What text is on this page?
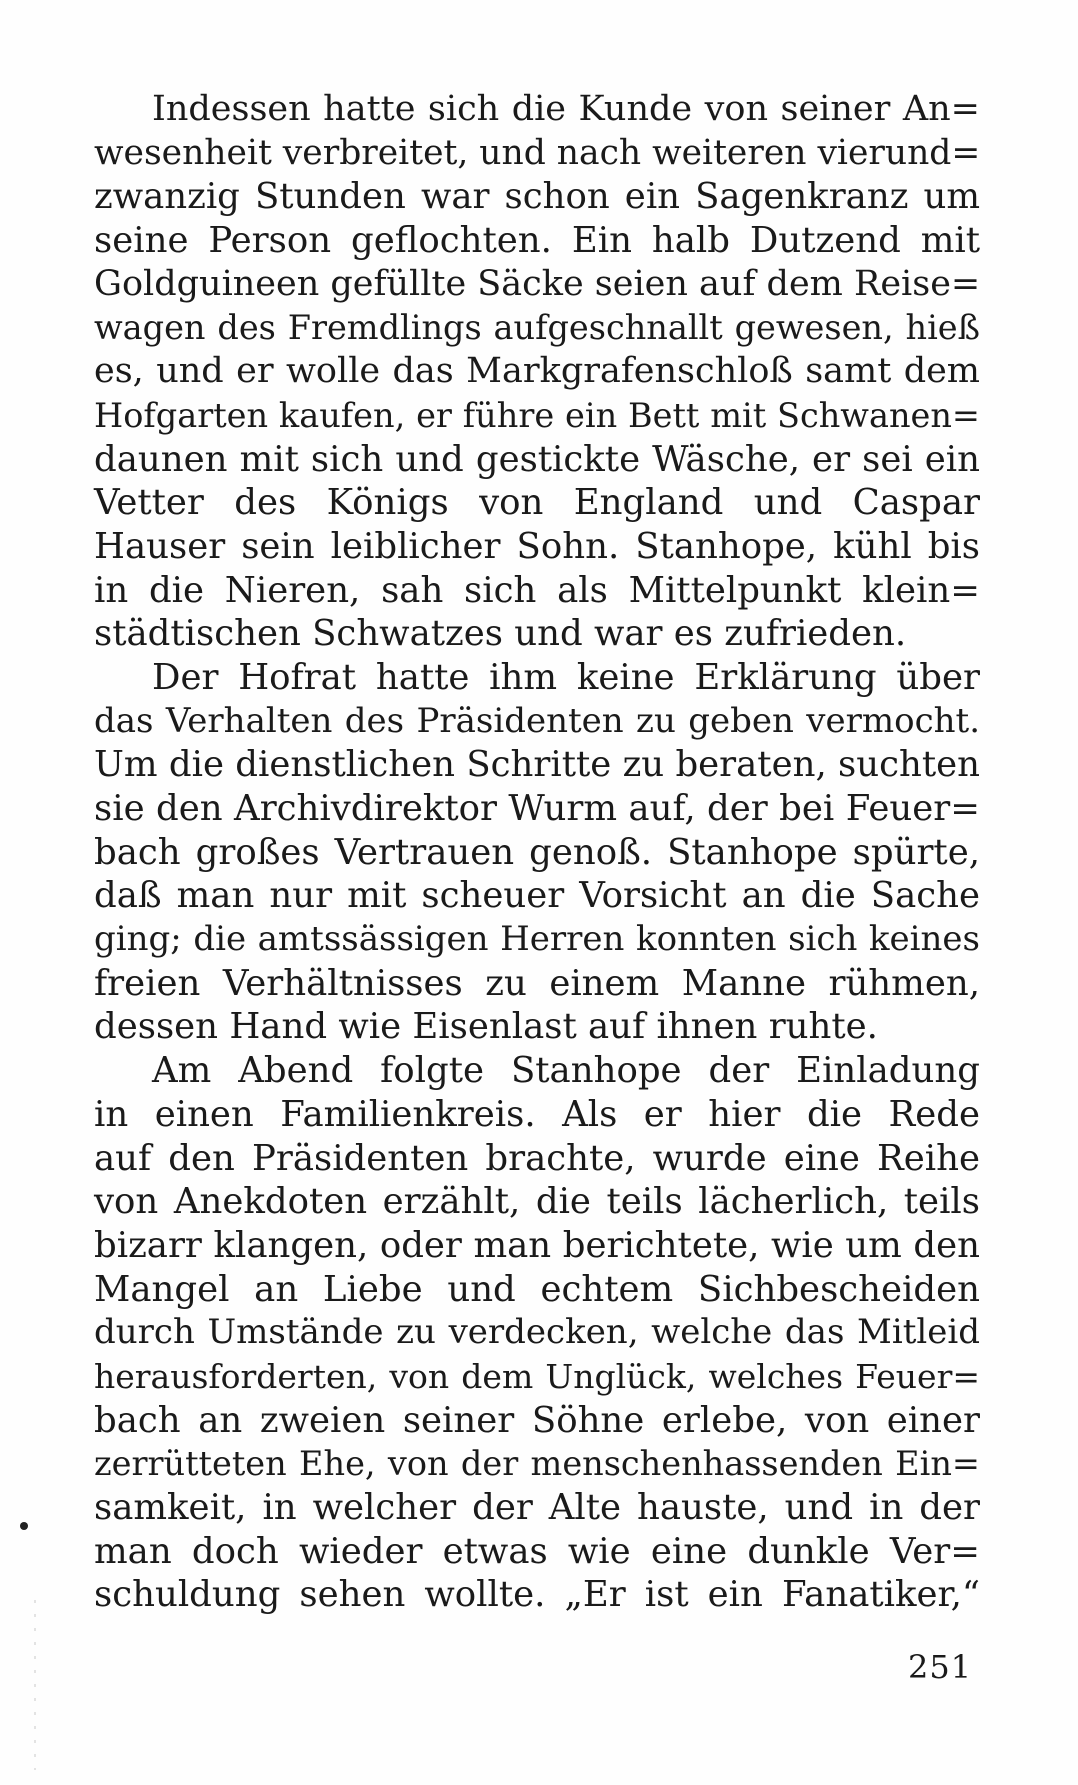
Indessen hatte sich die Kunde von seiner An=
wesenheit verbreitet, und nach weiteren vierund=
zwanzig Stunden war schon ein Sagenkranz um
seine Person geflochten. Ein halb Dutzend mit
Goldguineen gefüllte Säcke seien auf dem Reise=
wagen des Fremdlings aufgeschnallt gewesen, hieß
es, und er wolle das Markgrafenschloß samt dem
Hofgarten kaufen, er führe ein Bett mit Schwanen=
daunen mit sich und gestickte Wäsche, er sei ein
Vetter des Königs von England und Caspar
Hauser sein leiblicher Sohn. Stanhope, kühl bis
in die Nieren, sah sich als Mittelpunkt klein=
städtischen Schwatzes und war es zufrieden.
Der Hofrat hatte ihm keine Erklärung über
das Verhalten des Präsidenten zu geben vermocht.
Um die dienstlichen Schritte zu beraten, suchten
sie den Archivdirektor Wurm auf, der bei Feuer=
bach großes Vertrauen genoß. Stanhope spürte,
daß man nur mit scheuer Vorsicht an die Sache
ging; die amtssässigen Herren konnten sich keines
freien Verhältnisses zu einem Manne rühmen,
dessen Hand wie Eisenlast auf ihnen ruhte.
Am Abend folgte Stanhope der Einladung
in einen Familienkreis. Als er hier die Rede
auf den Präsidenten brachte, wurde eine Reihe
von Anekdoten erzählt, die teils lächerlich, teils
bizarr klangen, oder man berichtete, wie um den
Mangel an Liebe und echtem Sichbescheiden
durch Umstände zu verdecken, welche das Mitleid
herausforderten, von dem Unglück, welches Feuer=
bach an zweien seiner Söhne erlebe, von einer
zerrütteten Ehe, von der menschenhassenden Ein=
samkeit, in welcher der Alte hauste, und in der
man doch wieder etwas wie eine dunkle Ver=
schuldung sehen wollte. „Er ist ein Fanatiker,“
251
